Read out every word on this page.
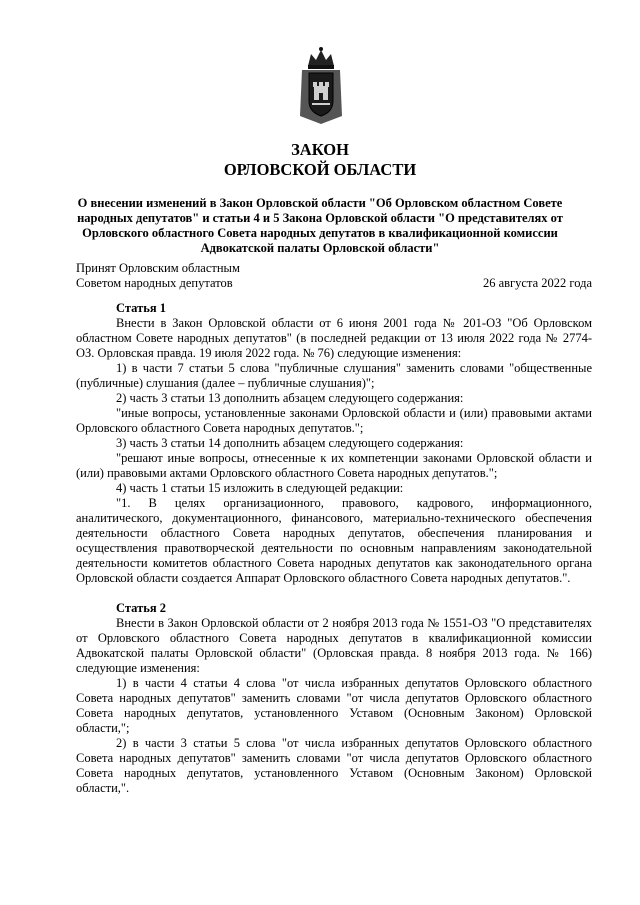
ЗАКОН
ОРЛОВСКОЙ ОБЛАСТИ
О внесении изменений в Закон Орловской области "Об Орловском областном Совете народных депутатов" и статьи 4 и 5 Закона Орловской области "О представителях от Орловского областного Совета народных депутатов в квалификационной комиссии Адвокатской палаты Орловской области"
Принят Орловским областным
Советом народных депутатов	26 августа 2022 года

Статья 1

Внести в Закон Орловской области от 6 июня 2001 года № 201-ОЗ "Об Орловском областном Совете народных депутатов" (в последней редакции от 13 июля 2022 года № 2774-ОЗ. Орловская правда. 19 июля 2022 года. № 76) следующие изменения:

1) в части 7 статьи 5 слова "публичные слушания" заменить словами "общественные (публичные) слушания (далее – публичные слушания)";

2) часть 3 статьи 13 дополнить абзацем следующего содержания:

"иные вопросы, установленные законами Орловской области и (или) правовыми актами Орловского областного Совета народных депутатов.";

3) часть 3 статьи 14 дополнить абзацем следующего содержания:

"решают иные вопросы, отнесенные к их компетенции законами Орловской области и (или) правовыми актами Орловского областного Совета народных депутатов.";

4) часть 1 статьи 15 изложить в следующей редакции:

"1. В целях организационного, правового, кадрового, информационного, аналитического, документационного, финансового, материально-технического обеспечения деятельности областного Совета народных депутатов, обеспечения планирования и осуществления правотворческой деятельности по основным направлениям законодательной деятельности комитетов областного Совета народных депутатов как законодательного органа Орловской области создается Аппарат Орловского областного Совета народных депутатов.".

Статья 2

Внести в Закон Орловской области от 2 ноября 2013 года № 1551-ОЗ "О представителях от Орловского областного Совета народных депутатов в квалификационной комиссии Адвокатской палаты Орловской области" (Орловская правда. 8 ноября 2013 года. № 166) следующие изменения:

1) в части 4 статьи 4 слова "от числа избранных депутатов Орловского областного Совета народных депутатов" заменить словами "от числа депутатов Орловского областного Совета народных депутатов, установленного Уставом (Основным Законом) Орловской области,";

2) в части 3 статьи 5 слова "от числа избранных депутатов Орловского областного Совета народных депутатов" заменить словами "от числа депутатов Орловского областного Совета народных депутатов, установленного Уставом (Основным Законом) Орловской области,".
